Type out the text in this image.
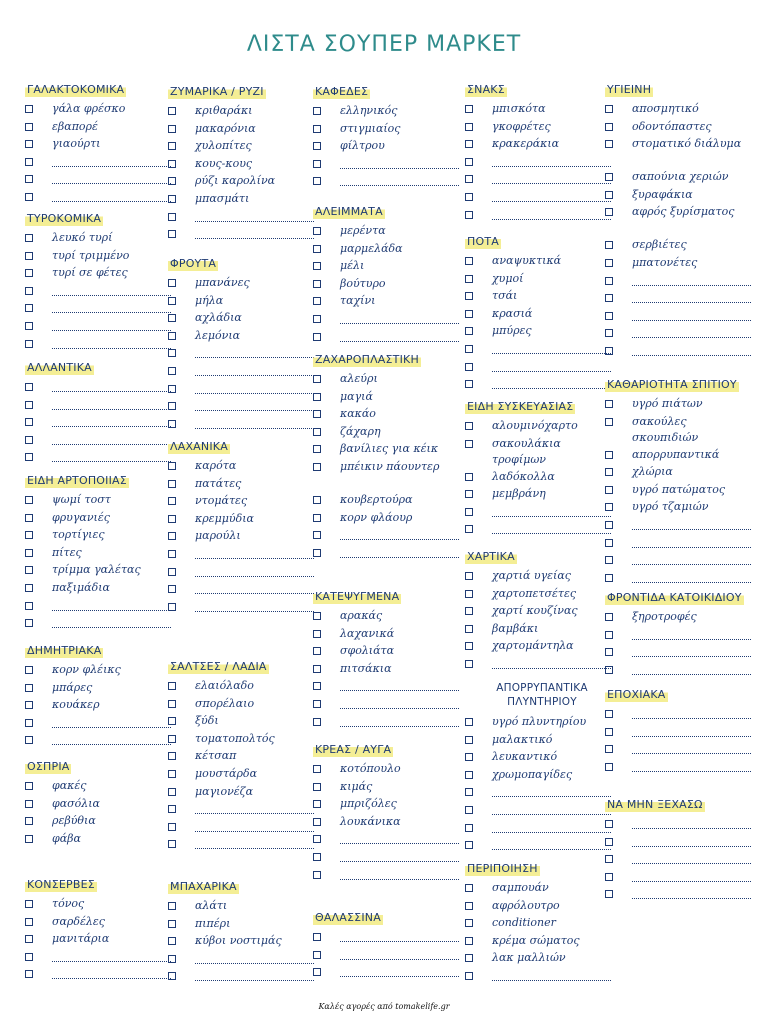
ΛΙΣΤΑ ΣΟΥΠΕΡ ΜΑΡΚΕΤ
ΓΑΛΑΚΤΟΚΟΜΙΚΑ
γάλα φρέσκο
εβαπορέ
γιαούρτι
ΤΥΡΟΚΟΜΙΚΑ
λευκό τυρί
τυρί τριμμένο
τυρί σε φέτες
ΑΛΛΑΝΤΙΚΑ
ΕΙΔΗ ΑΡΤΟΠΟΙΙΑΣ
ψωμί τοστ
φρυγανιές
τορτίγιες
πίτες
τρίμμα γαλέτας
παξιμάδια
ΔΗΜΗΤΡΙΑΚΑ
κορν φλέικς
μπάρες
κουάκερ
ΟΣΠΡΙΑ
φακές
φασόλια
ρεβύθια
φάβα
ΚΟΝΣΕΡΒΕΣ
τόνος
σαρδέλες
μανιτάρια
ΖΥΜΑΡΙΚΑ / ΡΥΖΙ
κριθαράκι
μακαρόνια
χυλοπίτες
κους-κους
ρύζι καρολίνα
μπασμάτι
ΦΡΟΥΤΑ
μπανάνες
μήλα
αχλάδια
λεμόνια
ΛΑΧΑΝΙΚΑ
καρότα
πατάτες
ντομάτες
κρεμμύδια
μαρούλι
ΣΑΛΤΣΕΣ / ΛΑΔΙΑ
ελαιόλαδο
σπορέλαιο
ξύδι
τοματοπολτός
κέτσαπ
μουστάρδα
μαγιονέζα
ΜΠΑΧΑΡΙΚΑ
αλάτι
πιπέρι
κύβοι νοστιμάς
ΚΑΦΕΔΕΣ
ελληνικός
στιγμιαίος
φίλτρου
ΑΛΕΙΜΜΑΤΑ
μερέντα
μαρμελάδα
μέλι
βούτυρο
ταχίνι
ΖΑΧΑΡΟΠΛΑΣΤΙΚΗ
αλεύρι
μαγιά
κακάο
ζάχαρη
βανίλιες για κέικ
μπέικιν πάουντερ
κουβερτούρα
κορν φλάουρ
ΚΑΤΕΨΥΓΜΕΝΑ
αρακάς
λαχανικά
σφολιάτα
πιτσάκια
ΚΡΕΑΣ / ΑΥΓΑ
κοτόπουλο
κιμάς
μπριζόλες
λουκάνικα
ΘΑΛΑΣΣΙΝΑ
ΣΝΑΚΣ
μπισκότα
γκοφρέτες
κρακεράκια
ΠΟΤΑ
αναψυκτικά
χυμοί
τσάι
κρασιά
μπύρες
ΕΙΔΗ ΣΥΣΚΕΥΑΣΙΑΣ
αλουμινόχαρτο
σακουλάκια τροφίμων
λαδόκολλα
μεμβράνη
ΧΑΡΤΙΚΑ
χαρτιά υγείας
χαρτοπετσέτες
χαρτί κουζίνας
βαμβάκι
χαρτομάντηλα
ΑΠΟΡΡΥΠΑΝΤΙΚΑ ΠΛΥΝΤΗΡΙΟΥ
υγρό πλυντηρίου
μαλακτικό
λευκαντικό
χρωμοπαγίδες
ΠΕΡΙΠΟΙΗΣΗ
σαμπουάν
αφρόλουτρο
conditioner
κρέμα σώματος
λακ μαλλιών
ΥΓΙΕΙΝΗ
αποσμητικό
οδοντόπαστες
στοματικό διάλυμα
σαπούνια χεριών
ξυραφάκια
αφρός ξυρίσματος
σερβιέτες
μπατονέτες
ΚΑΘΑΡΙΟΤΗΤΑ ΣΠΙΤΙΟΥ
υγρό πιάτων
σακούλες σκουπιδιών
απορρυπαντικά
χλώρια
υγρό πατώματος
υγρό τζαμιών
ΦΡΟΝΤΙΔΑ ΚΑΤΟΙΚΙΔΙΟΥ
ξηροτροφές
ΕΠΟΧΙΑΚΑ
ΝΑ ΜΗΝ ΞΕΧΑΣΩ
Καλές αγορές από tomakelife.gr
